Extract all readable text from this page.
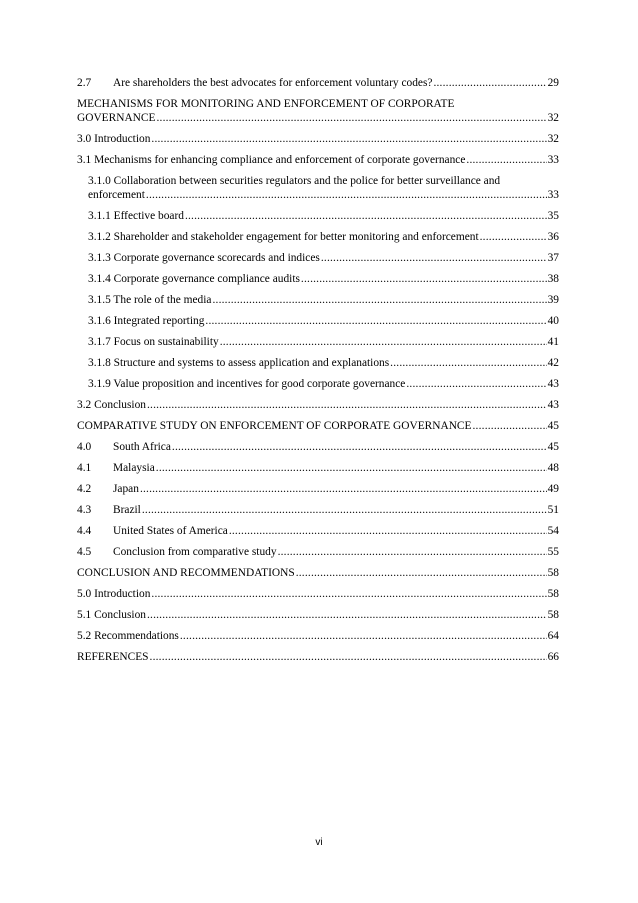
2.7	Are shareholders the best advocates for enforcement voluntary codes? .....	29
MECHANISMS FOR MONITORING AND ENFORCEMENT OF CORPORATE
GOVERNANCE .....	32
3.0 Introduction .....	32
3.1 Mechanisms for enhancing compliance and enforcement of corporate governance .....	33
3.1.0 Collaboration between securities regulators and the police for better surveillance and
enforcement .....	33
3.1.1 Effective board .....	35
3.1.2 Shareholder and stakeholder engagement for better monitoring and enforcement .....	36
3.1.3 Corporate governance scorecards and indices .....	37
3.1.4 Corporate governance compliance audits .....	38
3.1.5 The role of the media .....	39
3.1.6 Integrated reporting .....	40
3.1.7 Focus on sustainability .....	41
3.1.8 Structure and systems to assess application and explanations .....	42
3.1.9 Value proposition and incentives for good corporate governance .....	43
3.2 Conclusion .....	43
COMPARATIVE STUDY ON ENFORCEMENT OF CORPORATE GOVERNANCE .....	45
4.0	South Africa .....	45
4.1	Malaysia .....	48
4.2	Japan .....	49
4.3	Brazil .....	51
4.4	United States of America .....	54
4.5	Conclusion from comparative study .....	55
CONCLUSION AND RECOMMENDATIONS .....	58
5.0 Introduction .....	58
5.1 Conclusion .....	58
5.2 Recommendations .....	64
REFERENCES .....	66
vi
